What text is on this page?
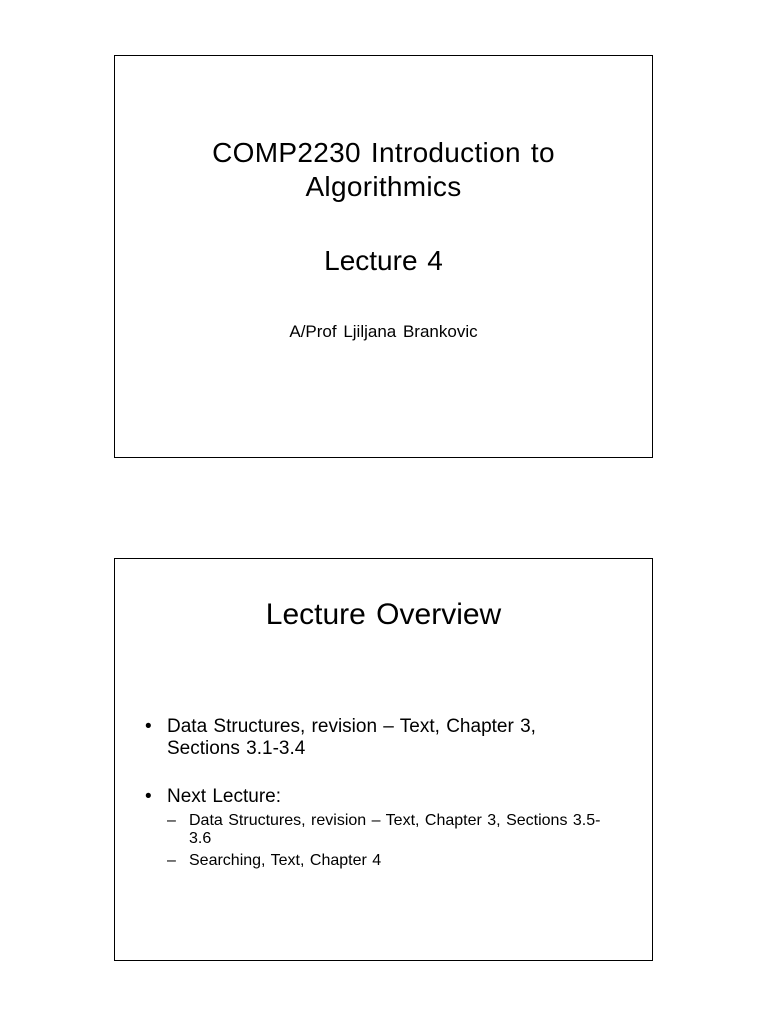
COMP2230 Introduction to
Algorithmics
Lecture 4
A/Prof Ljiljana Brankovic
Lecture Overview
• Data Structures, revision – Text, Chapter 3, Sections 3.1-3.4
• Next Lecture:
– Data Structures, revision – Text, Chapter 3, Sections 3.5-3.6
– Searching, Text, Chapter 4
